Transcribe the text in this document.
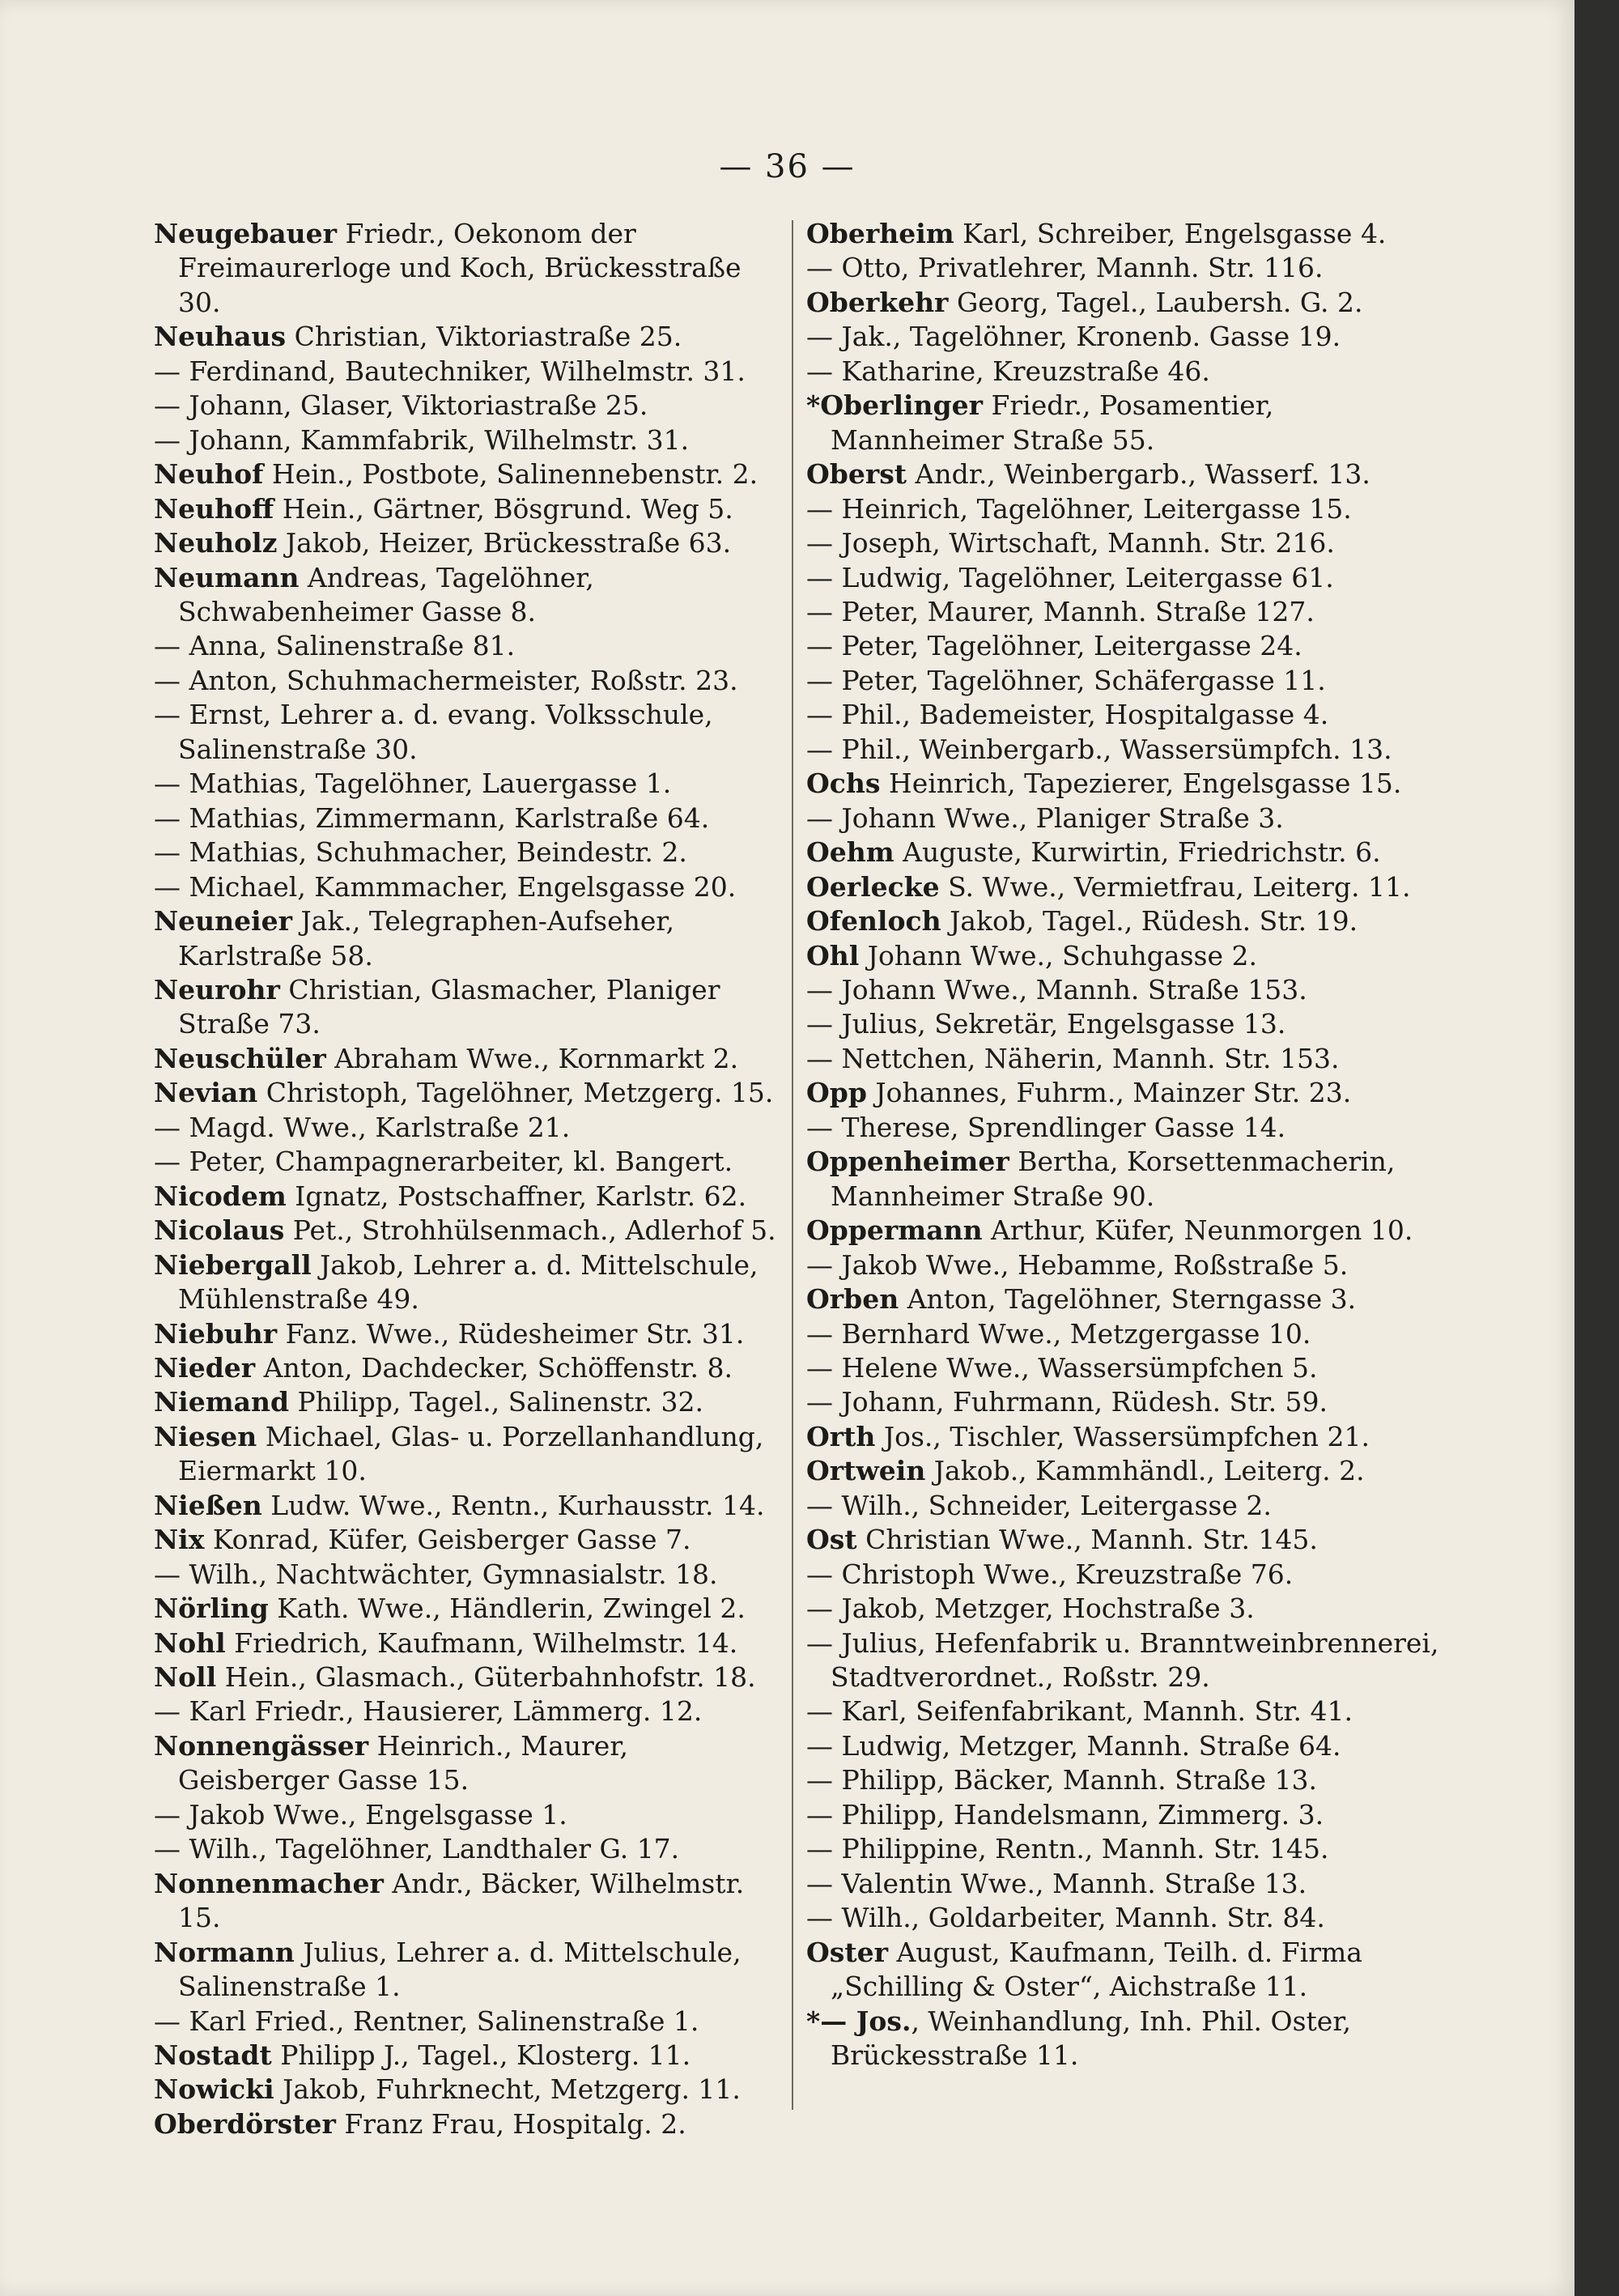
— 36 —
Neugebauer Friedr., Oekonom der Freimaurerloge und Koch, Brückesstraße 30.
Neuhaus Christian, Viktoriastraße 25.
— Ferdinand, Bautechniker, Wilhelmstr. 31.
— Johann, Glaser, Viktoriastraße 25.
— Johann, Kammfabrik, Wilhelmstr. 31.
Neuhof Hein., Postbote, Salinennebenstr. 2.
Neuhoff Hein., Gärtner, Bösgrund. Weg 5.
Neuholz Jakob, Heizer, Brückesstraße 63.
Neumann Andreas, Tagelöhner, Schwabenheimer Gasse 8.
— Anna, Salinenstraße 81.
— Anton, Schuhmachermeister, Roßstr. 23.
— Ernst, Lehrer a. d. evang. Volksschule, Salinenstraße 30.
— Mathias, Tagelöhner, Lauergasse 1.
— Mathias, Zimmermann, Karlstraße 64.
— Mathias, Schuhmacher, Beindestr. 2.
— Michael, Kammmacher, Engelsgasse 20.
Neuneier Jak., Telegraphen-Aufseher, Karlstraße 58.
Neurohr Christian, Glasmacher, Planiger Straße 73.
Neuschüler Abraham Wwe., Kornmarkt 2.
Nevian Christoph, Tagelöhner, Metzgerg. 15.
— Magd. Wwe., Karlstraße 21.
— Peter, Champagnerarbeiter, kl. Bangert.
Nicodem Ignatz, Postschaffner, Karlstr. 62.
Nicolaus Pet., Strohhülsenmach., Adlerhof 5.
Niebergall Jakob, Lehrer a. d. Mittelschule, Mühlenstraße 49.
Niebuhr Fanz. Wwe., Rüdesheimer Str. 31.
Nieder Anton, Dachdecker, Schöffenstr. 8.
Niemand Philipp, Tagel., Salinenstr. 32.
Niesen Michael, Glas- u. Porzellanhandlung, Eiermarkt 10.
Nießen Ludw. Wwe., Rentn., Kurhausstr. 14.
Nix Konrad, Küfer, Geisberger Gasse 7.
— Wilh., Nachtwächter, Gymnasialstr. 18.
Nörling Kath. Wwe., Händlerin, Zwingel 2.
Nohl Friedrich, Kaufmann, Wilhelmstr. 14.
Noll Hein., Glasmach., Güterbahnhofstr. 18.
— Karl Friedr., Hausierer, Lämmerg. 12.
Nonnengässer Heinrich., Maurer, Geisberger Gasse 15.
— Jakob Wwe., Engelsgasse 1.
— Wilh., Tagelöhner, Landthaler G. 17.
Nonnenmacher Andr., Bäcker, Wilhelmstr. 15.
Normann Julius, Lehrer a. d. Mittelschule, Salinenstraße 1.
— Karl Fried., Rentner, Salinenstraße 1.
Nostadt Philipp J., Tagel., Klosterg. 11.
Nowicki Jakob, Fuhrknecht, Metzgerg. 11.
Oberdörster Franz Frau, Hospitalg. 2.
Oberheim Karl, Schreiber, Engelsgasse 4.
— Otto, Privatlehrer, Mannh. Str. 116.
Oberkehr Georg, Tagel., Laubersh. G. 2.
— Jak., Tagelöhner, Kronenb. Gasse 19.
— Katharine, Kreuzstraße 46.
*Oberlinger Friedr., Posamentier, Mannheimer Straße 55.
Oberst Andr., Weinbergarb., Wasserf. 13.
— Heinrich, Tagelöhner, Leitergasse 15.
— Joseph, Wirtschaft, Mannh. Str. 216.
— Ludwig, Tagelöhner, Leitergasse 61.
— Peter, Maurer, Mannh. Straße 127.
— Peter, Tagelöhner, Leitergasse 24.
— Peter, Tagelöhner, Schäfergasse 11.
— Phil., Bademeister, Hospitalgasse 4.
— Phil., Weinbergarb., Wassersümpfch. 13.
Ochs Heinrich, Tapezierer, Engelsgasse 15.
— Johann Wwe., Planiger Straße 3.
Oehm Auguste, Kurwirtin, Friedrichstr. 6.
Oerlecke S. Wwe., Vermietfrau, Leiterg. 11.
Ofenloch Jakob, Tagel., Rüdesh. Str. 19.
Ohl Johann Wwe., Schuhgasse 2.
— Johann Wwe., Mannh. Straße 153.
— Julius, Sekretär, Engelsgasse 13.
— Nettchen, Näherin, Mannh. Str. 153.
Opp Johannes, Fuhrm., Mainzer Str. 23.
— Therese, Sprendlinger Gasse 14.
Oppenheimer Bertha, Korsettenmacherin, Mannheimer Straße 90.
Oppermann Arthur, Küfer, Neunmorgen 10.
— Jakob Wwe., Hebamme, Roßstraße 5.
Orben Anton, Tagelöhner, Sterngasse 3.
— Bernhard Wwe., Metzgergasse 10.
— Helene Wwe., Wassersümpfchen 5.
— Johann, Fuhrmann, Rüdesh. Str. 59.
Orth Jos., Tischler, Wassersümpfchen 21.
Ortwein Jakob., Kammhändl., Leiterg. 2.
— Wilh., Schneider, Leitergasse 2.
Ost Christian Wwe., Mannh. Str. 145.
— Christoph Wwe., Kreuzstraße 76.
— Jakob, Metzger, Hochstraße 3.
— Julius, Hefenfabrik u. Branntweinbrennerei, Stadtverordnet., Roßstr. 29.
— Karl, Seifenfabrikant, Mannh. Str. 41.
— Ludwig, Metzger, Mannh. Straße 64.
— Philipp, Bäcker, Mannh. Straße 13.
— Philipp, Handelsmann, Zimmerg. 3.
— Philippine, Rentn., Mannh. Str. 145.
— Valentin Wwe., Mannh. Straße 13.
— Wilh., Goldarbeiter, Mannh. Str. 84.
Oster August, Kaufmann, Teilh. d. Firma „Schilling & Oster“, Aichstraße 11.
*— Jos., Weinhandlung, Inh. Phil. Oster, Brückesstraße 11.
